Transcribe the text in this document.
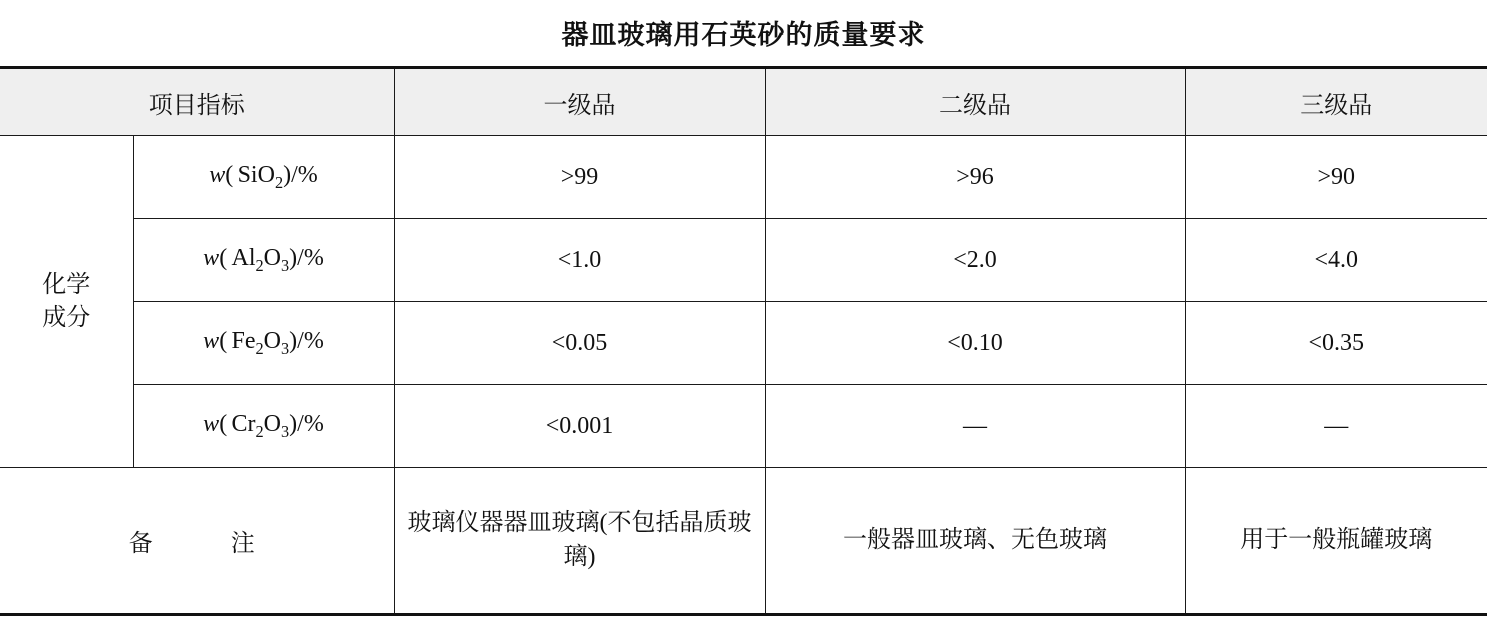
器皿玻璃用石英砂的质量要求
项目指标		一级品	二级品	三级品
化学
成分	w( SiO$_2$)/%	>99	>96	>90
	w( $Al_2O_3)/\%$	<1.0	<2.0	<4.0
	w( $Fe_2O_3)/\%$	<0.05	<0.10	<0.35
	w( $Cr_2O_3)/\%$	<0.001	—	—
备　　注		玻璃仪器器皿玻璃(不包括晶质玻璃)	一般器皿玻璃、无色玻璃	用于一般瓶罐玻璃
